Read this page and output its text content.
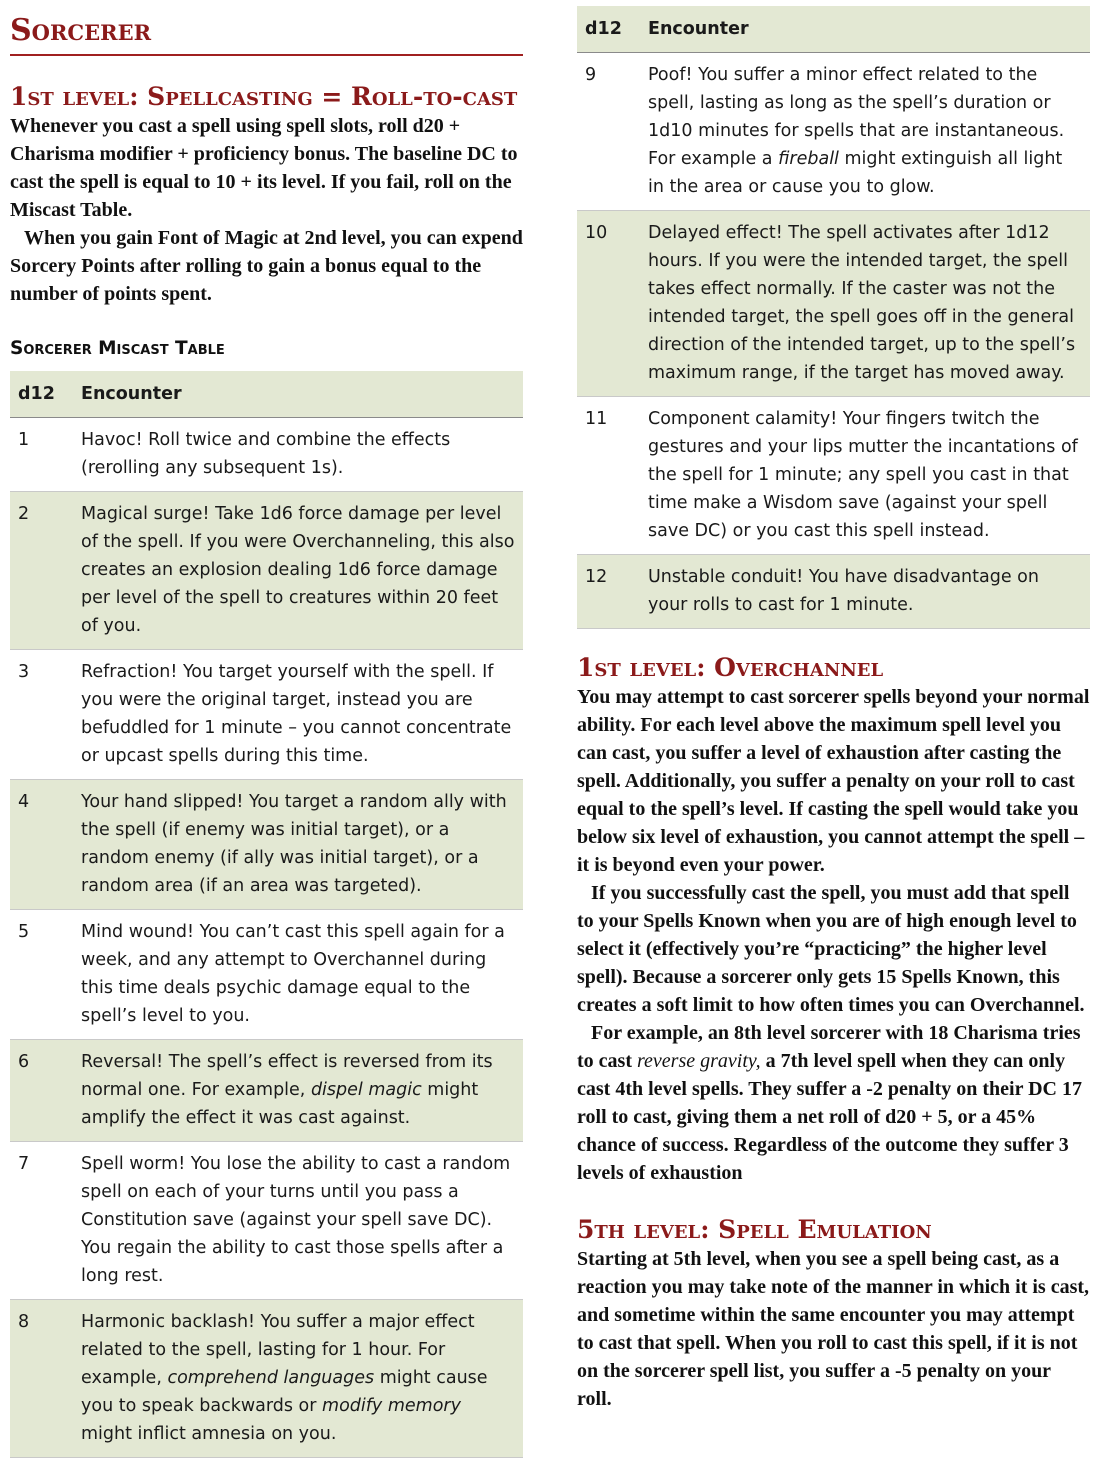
Sorcerer
1st level: Spellcasting = Roll-to-cast

Whenever you cast a spell using spell slots, roll d20 + Charisma modifier + proficiency bonus. The baseline DC to cast the spell is equal to 10 + its level. If you fail, roll on the Miscast Table.
When you gain Font of Magic at 2nd level, you can expend Sorcery Points after rolling to gain a bonus equal to the number of points spent.

Sorcerer Miscast Table
d12	Encounter
1	Havoc! Roll twice and combine the effects (rerolling any subsequent 1s).
2	Magical surge! Take 1d6 force damage per level of the spell. If you were Overchanneling, this also creates an explosion dealing 1d6 force damage per level of the spell to creatures within 20 feet of you.
3	Refraction! You target yourself with the spell. If you were the original target, instead you are befuddled for 1 minute – you cannot concentrate or upcast spells during this time.
4	Your hand slipped! You target a random ally with the spell (if enemy was initial target), or a random enemy (if ally was initial target), or a random area (if an area was targeted).
5	Mind wound! You can’t cast this spell again for a week, and any attempt to Overchannel during this time deals psychic damage equal to the spell’s level to you.
6	Reversal! The spell’s effect is reversed from its normal one. For example, dispel magic might amplify the effect it was cast against.
7	Spell worm! You lose the ability to cast a random spell on each of your turns until you pass a Constitution save (against your spell save DC). You regain the ability to cast those spells after a long rest.
8	Harmonic backlash! You suffer a major effect related to the spell, lasting for 1 hour. For example, comprehend languages might cause you to speak backwards or modify memory might inflict amnesia on you.
d12	Encounter
9	Poof! You suffer a minor effect related to the spell, lasting as long as the spell’s duration or 1d10 minutes for spells that are instantaneous. For example a fireball might extinguish all light in the area or cause you to glow.
10	Delayed effect! The spell activates after 1d12 hours. If you were the intended target, the spell takes effect normally. If the caster was not the intended target, the spell goes off in the general direction of the intended target, up to the spell’s maximum range, if the target has moved away.
11	Component calamity! Your fingers twitch the gestures and your lips mutter the incantations of the spell for 1 minute; any spell you cast in that time make a Wisdom save (against your spell save DC) or you cast this spell instead.
12	Unstable conduit! You have disadvantage on your rolls to cast for 1 minute.
1st level: Overchannel

You may attempt to cast sorcerer spells beyond your normal ability. For each level above the maximum spell level you can cast, you suffer a level of exhaustion after casting the spell. Additionally, you suffer a penalty on your roll to cast equal to the spell’s level. If casting the spell would take you below six level of exhaustion, you cannot attempt the spell – it is beyond even your power.
If you successfully cast the spell, you must add that spell to your Spells Known when you are of high enough level to select it (effectively you’re “practicing” the higher level spell). Because a sorcerer only gets 15 Spells Known, this creates a soft limit to how often times you can Overchannel.
For example, an 8th level sorcerer with 18 Charisma tries to cast reverse gravity, a 7th level spell when they can only cast 4th level spells. They suffer a -2 penalty on their DC 17 roll to cast, giving them a net roll of d20 + 5, or a 45% chance of success. Regardless of the outcome they suffer 3 levels of exhaustion

5th level: Spell Emulation

Starting at 5th level, when you see a spell being cast, as a reaction you may take note of the manner in which it is cast, and sometime within the same encounter you may attempt to cast that spell. When you roll to cast this spell, if it is not on the sorcerer spell list, you suffer a -5 penalty on your roll.
